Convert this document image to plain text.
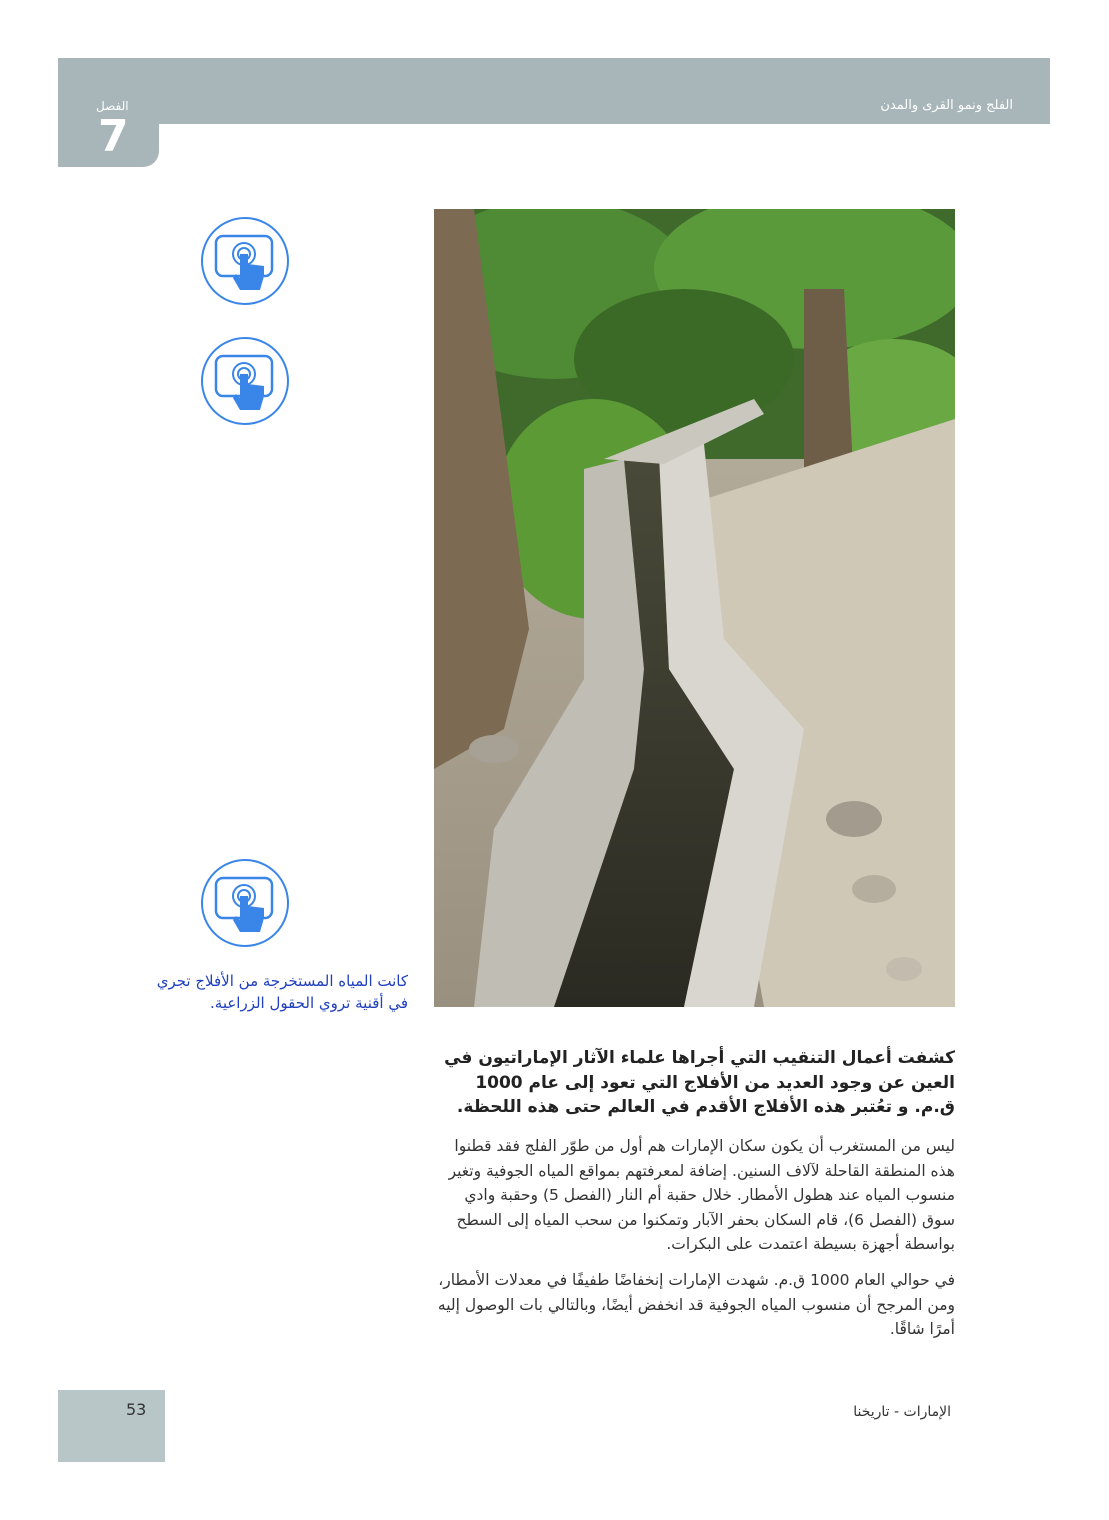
الفلج ونمو القرى والمدن
الفصل
7
كانت المياه المستخرجة من الأفلاج تجري في أقنية تروي الحقول الزراعية.
كشفت أعمال التنقيب التي أجراها علماء الآثار الإماراتيون في العين عن وجود العديد من الأفلاج التي تعود إلى عام 1000 ق.م. و تعُتبر هذه الأفلاج الأقدم في العالم حتى هذه اللحظة.
ليس من المستغرب أن يكون سكان الإمارات هم أول من طوّر الفلج فقد قطنوا هذه المنطقة القاحلة لآلاف السنين. إضافة لمعرفتهم بمواقع المياه الجوفية وتغير منسوب المياه عند هطول الأمطار. خلال حقبة أم النار (الفصل 5) وحقبة وادي سوق (الفصل 6)، قام السكان بحفر الآبار وتمكنوا من سحب المياه إلى السطح بواسطة أجهزة بسيطة اعتمدت على البكرات.
في حوالي العام 1000 ق.م. شهدت الإمارات إنخفاضًا طفيفًا في معدلات الأمطار، ومن المرجح أن منسوب المياه الجوفية قد انخفض أيضًا، وبالتالي بات الوصول إليه أمرًا شاقًا.
53	الإمارات - تاريخنا
